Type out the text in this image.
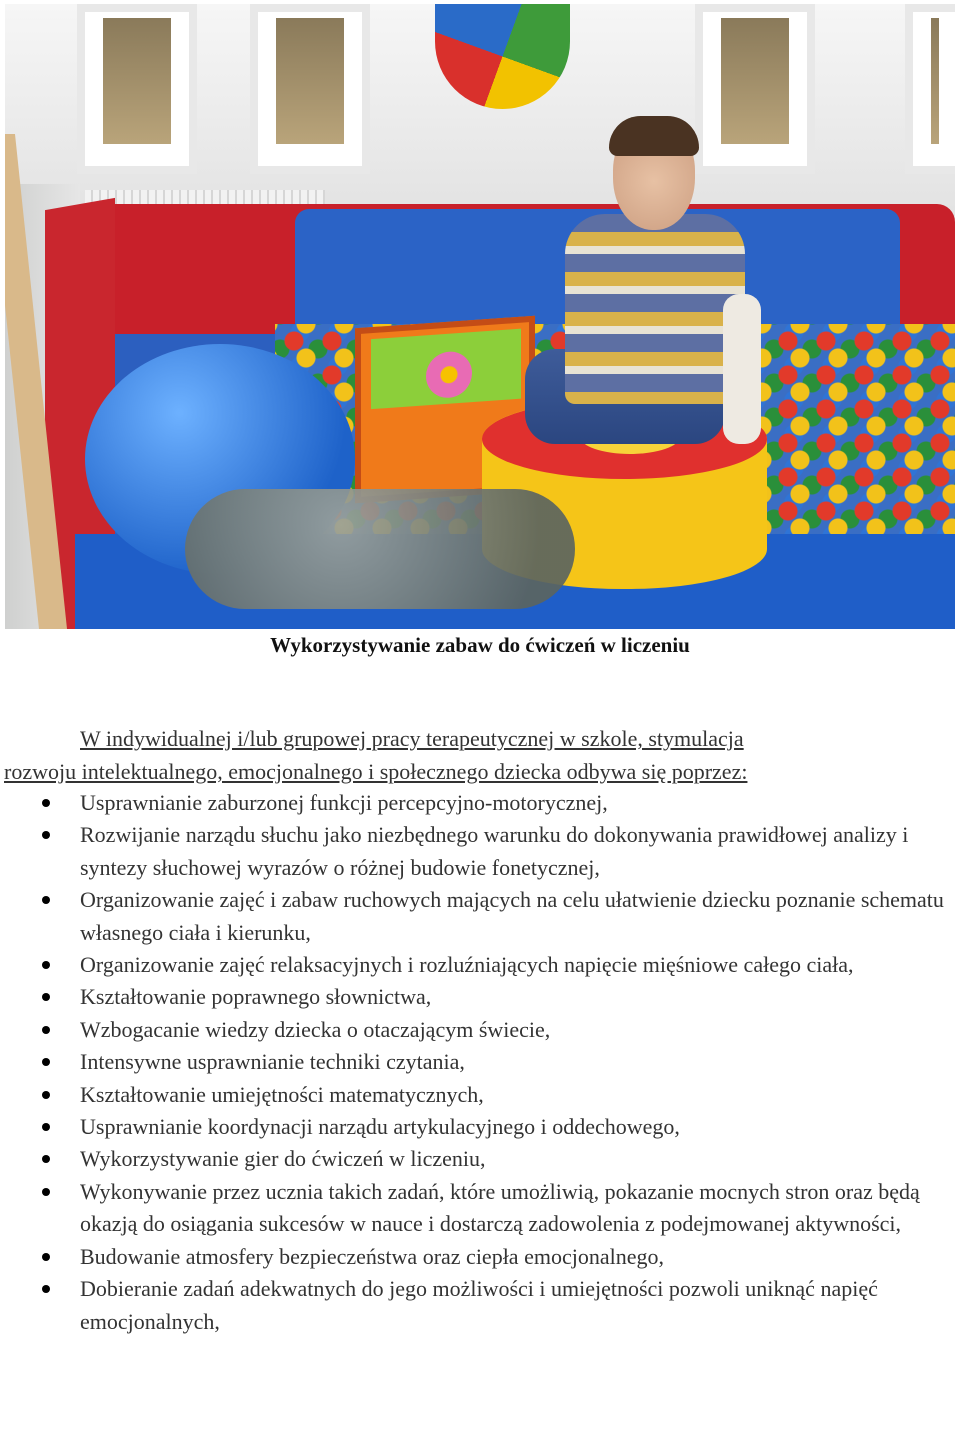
Wykorzystywanie zabaw do ćwiczeń w liczeniu

W indywidualnej i/lub grupowej pracy terapeutycznej w szkole, stymulacja
rozwoju intelektualnego, emocjonalnego i społecznego dziecka odbywa się poprzez:

Usprawnianie zaburzonej funkcji percepcyjno-motorycznej,
Rozwijanie narządu słuchu jako niezbędnego warunku do dokonywania prawidłowej analizy i syntezy słuchowej wyrazów o różnej budowie fonetycznej,
Organizowanie zajęć i zabaw ruchowych mających na celu ułatwienie dziecku poznanie schematu własnego ciała i kierunku,
Organizowanie zajęć relaksacyjnych i rozluźniających napięcie mięśniowe całego ciała,
Kształtowanie poprawnego słownictwa,
Wzbogacanie wiedzy dziecka o otaczającym świecie,
Intensywne usprawnianie techniki czytania,
Kształtowanie umiejętności matematycznych,
Usprawnianie koordynacji narządu artykulacyjnego i oddechowego,
Wykorzystywanie gier do ćwiczeń w liczeniu,
Wykonywanie przez ucznia takich zadań, które umożliwią, pokazanie mocnych stron oraz będą okazją do osiągania sukcesów w nauce i dostarczą zadowolenia z podejmowanej aktywności,
Budowanie atmosfery bezpieczeństwa oraz ciepła emocjonalnego,
Dobieranie zadań adekwatnych do jego możliwości i umiejętności pozwoli uniknąć napięć emocjonalnych,
